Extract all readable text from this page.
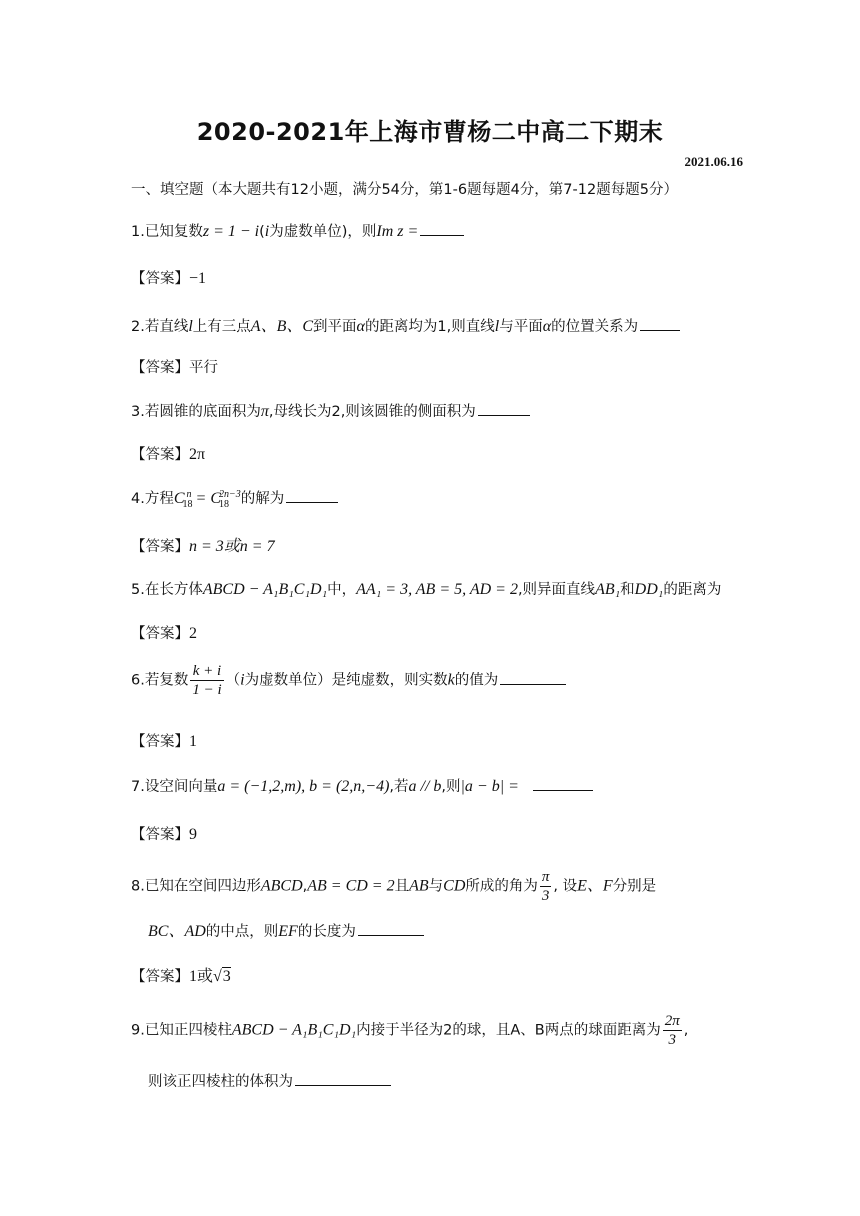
2020-2021年上海市曹杨二中高二下期末
2021.06.16
一、填空题（本大题共有12小题，满分54分，第1-6题每题4分，第7-12题每题5分）
1.已知复数z = 1 − i(i为虚数单位)，则Im z =
【答案】−1
2.若直线l上有三点A、B、C到平面α的距离均为1,则直线l与平面α的位置关系为
【答案】平行
3.若圆锥的底面积为π,母线长为2,则该圆锥的侧面积为
【答案】2π
4.方程$C_{18}^n = C_{18}^{2n-3}$的解为
【答案】n = 3或n = 7
5.在长方体ABCD − A₁B₁C₁D₁中，AA₁ = 3, AB = 5, AD = 2,则异面直线AB₁和DD₁的距离为
【答案】2
6.若复数 $\frac{k + i}{1 - i} (i$为虚数单位）是纯虚数，则实数k的值为
【答案】1
7.设空间向量a = (−1,2,m), b = (2,n,−4),若a // b,则|a − b| =
【答案】9
8.已知在空间四边形ABCD,AB = CD = 2且AB与CD所成的角为 $\frac{\pi}{3}$ , 设E、F分别是
BC、AD的中点，则EF的长度为
【答案】1或√3
9.已知正四棱柱ABCD − A₁B₁C₁D₁内接于半径为2的球，且A、B两点的球面距离为 $\frac{2\pi}{3}$ ,
则该正四棱柱的体积为
